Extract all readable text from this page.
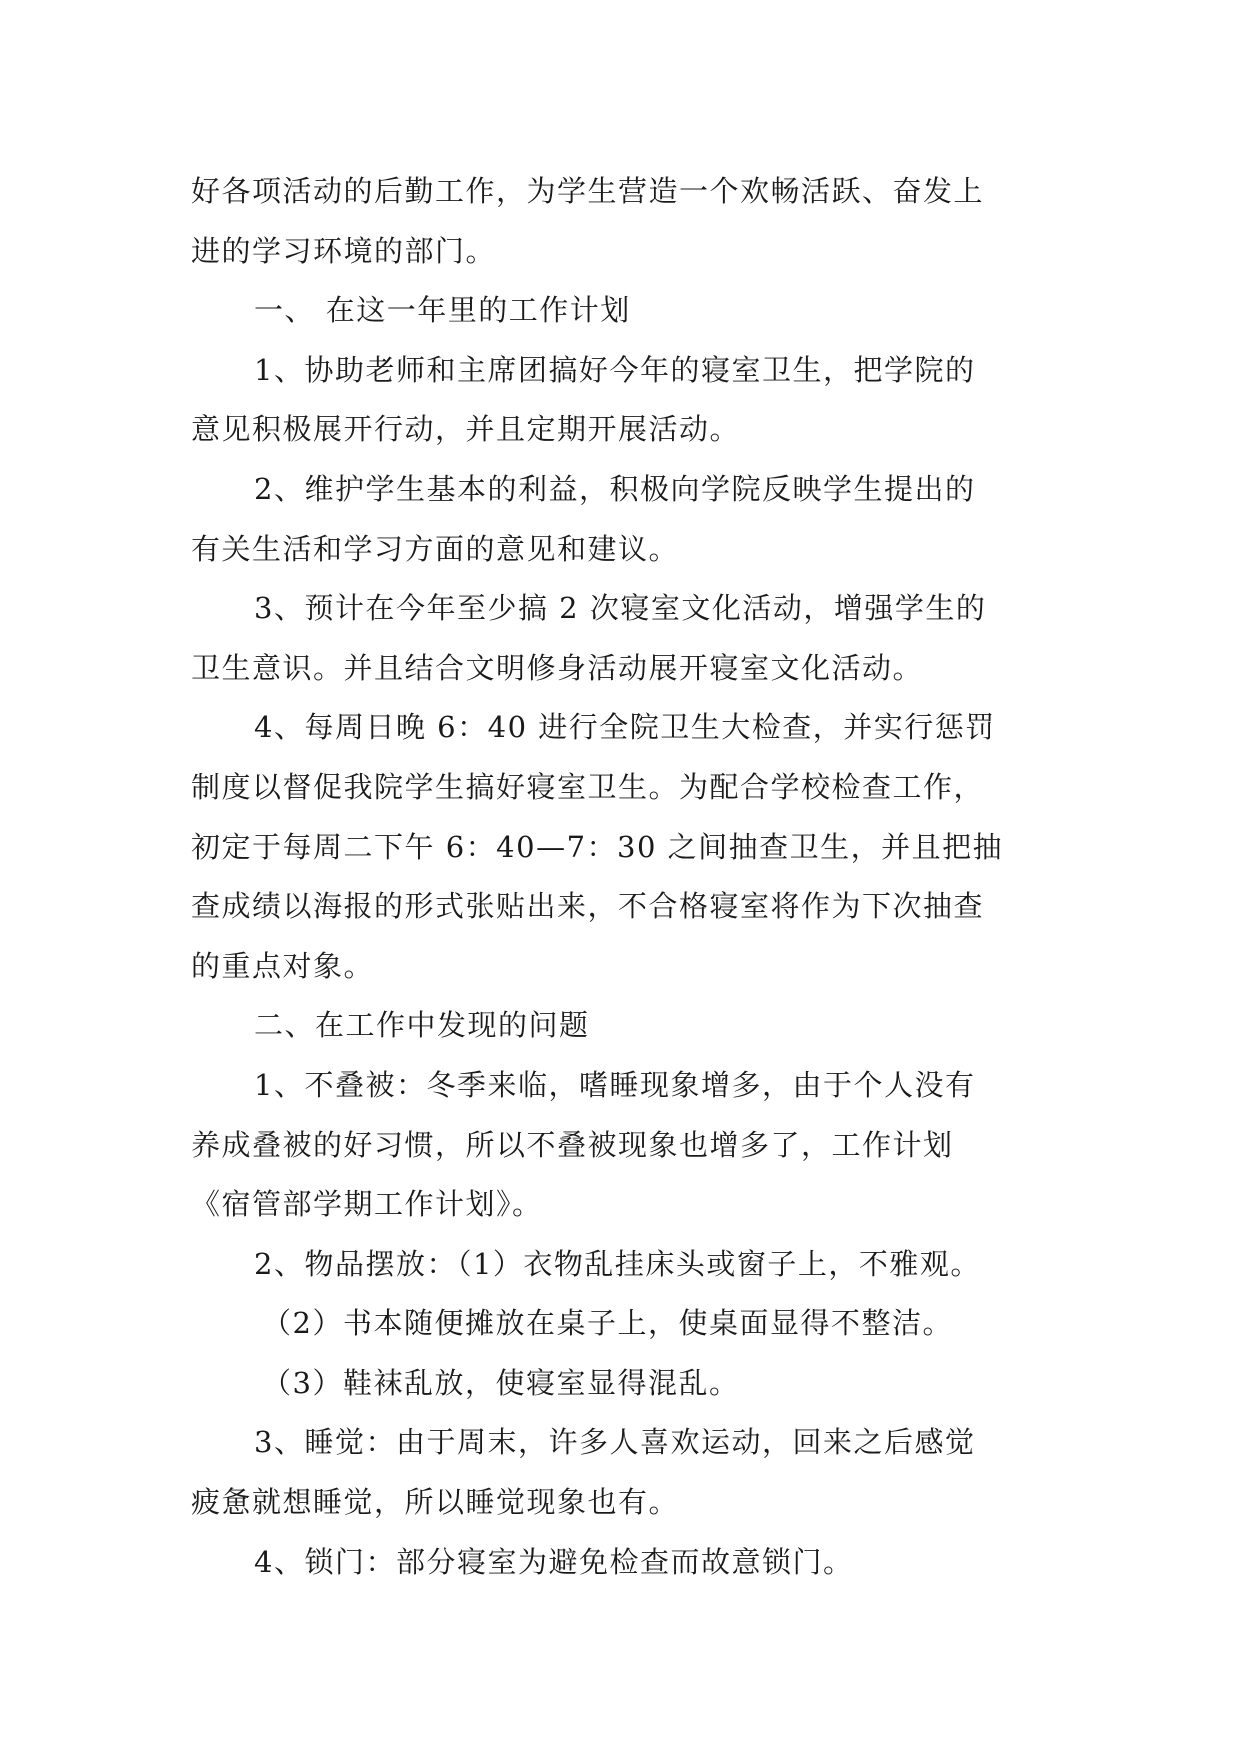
好各项活动的后勤工作，为学生营造一个欢畅活跃、奋发上
进的学习环境的部门。
一、 在这一年里的工作计划
1、协助老师和主席团搞好今年的寝室卫生，把学院的
意见积极展开行动，并且定期开展活动。
2、维护学生基本的利益，积极向学院反映学生提出的
有关生活和学习方面的意见和建议。
3、预计在今年至少搞 2 次寝室文化活动，增强学生的
卫生意识。并且结合文明修身活动展开寝室文化活动。
4、每周日晚 6：40 进行全院卫生大检查，并实行惩罚
制度以督促我院学生搞好寝室卫生。为配合学校检查工作，
初定于每周二下午 6：40—7：30 之间抽查卫生，并且把抽
查成绩以海报的形式张贴出来，不合格寝室将作为下次抽查
的重点对象。
二、在工作中发现的问题
1、不叠被：冬季来临，嗜睡现象增多，由于个人没有
养成叠被的好习惯，所以不叠被现象也增多了，工作计划
《宿管部学期工作计划》。
2、物品摆放：（1）衣物乱挂床头或窗子上，不雅观。
（2）书本随便摊放在桌子上，使桌面显得不整洁。
（3）鞋袜乱放，使寝室显得混乱。
3、睡觉：由于周末，许多人喜欢运动，回来之后感觉
疲惫就想睡觉，所以睡觉现象也有。
4、锁门：部分寝室为避免检查而故意锁门。
